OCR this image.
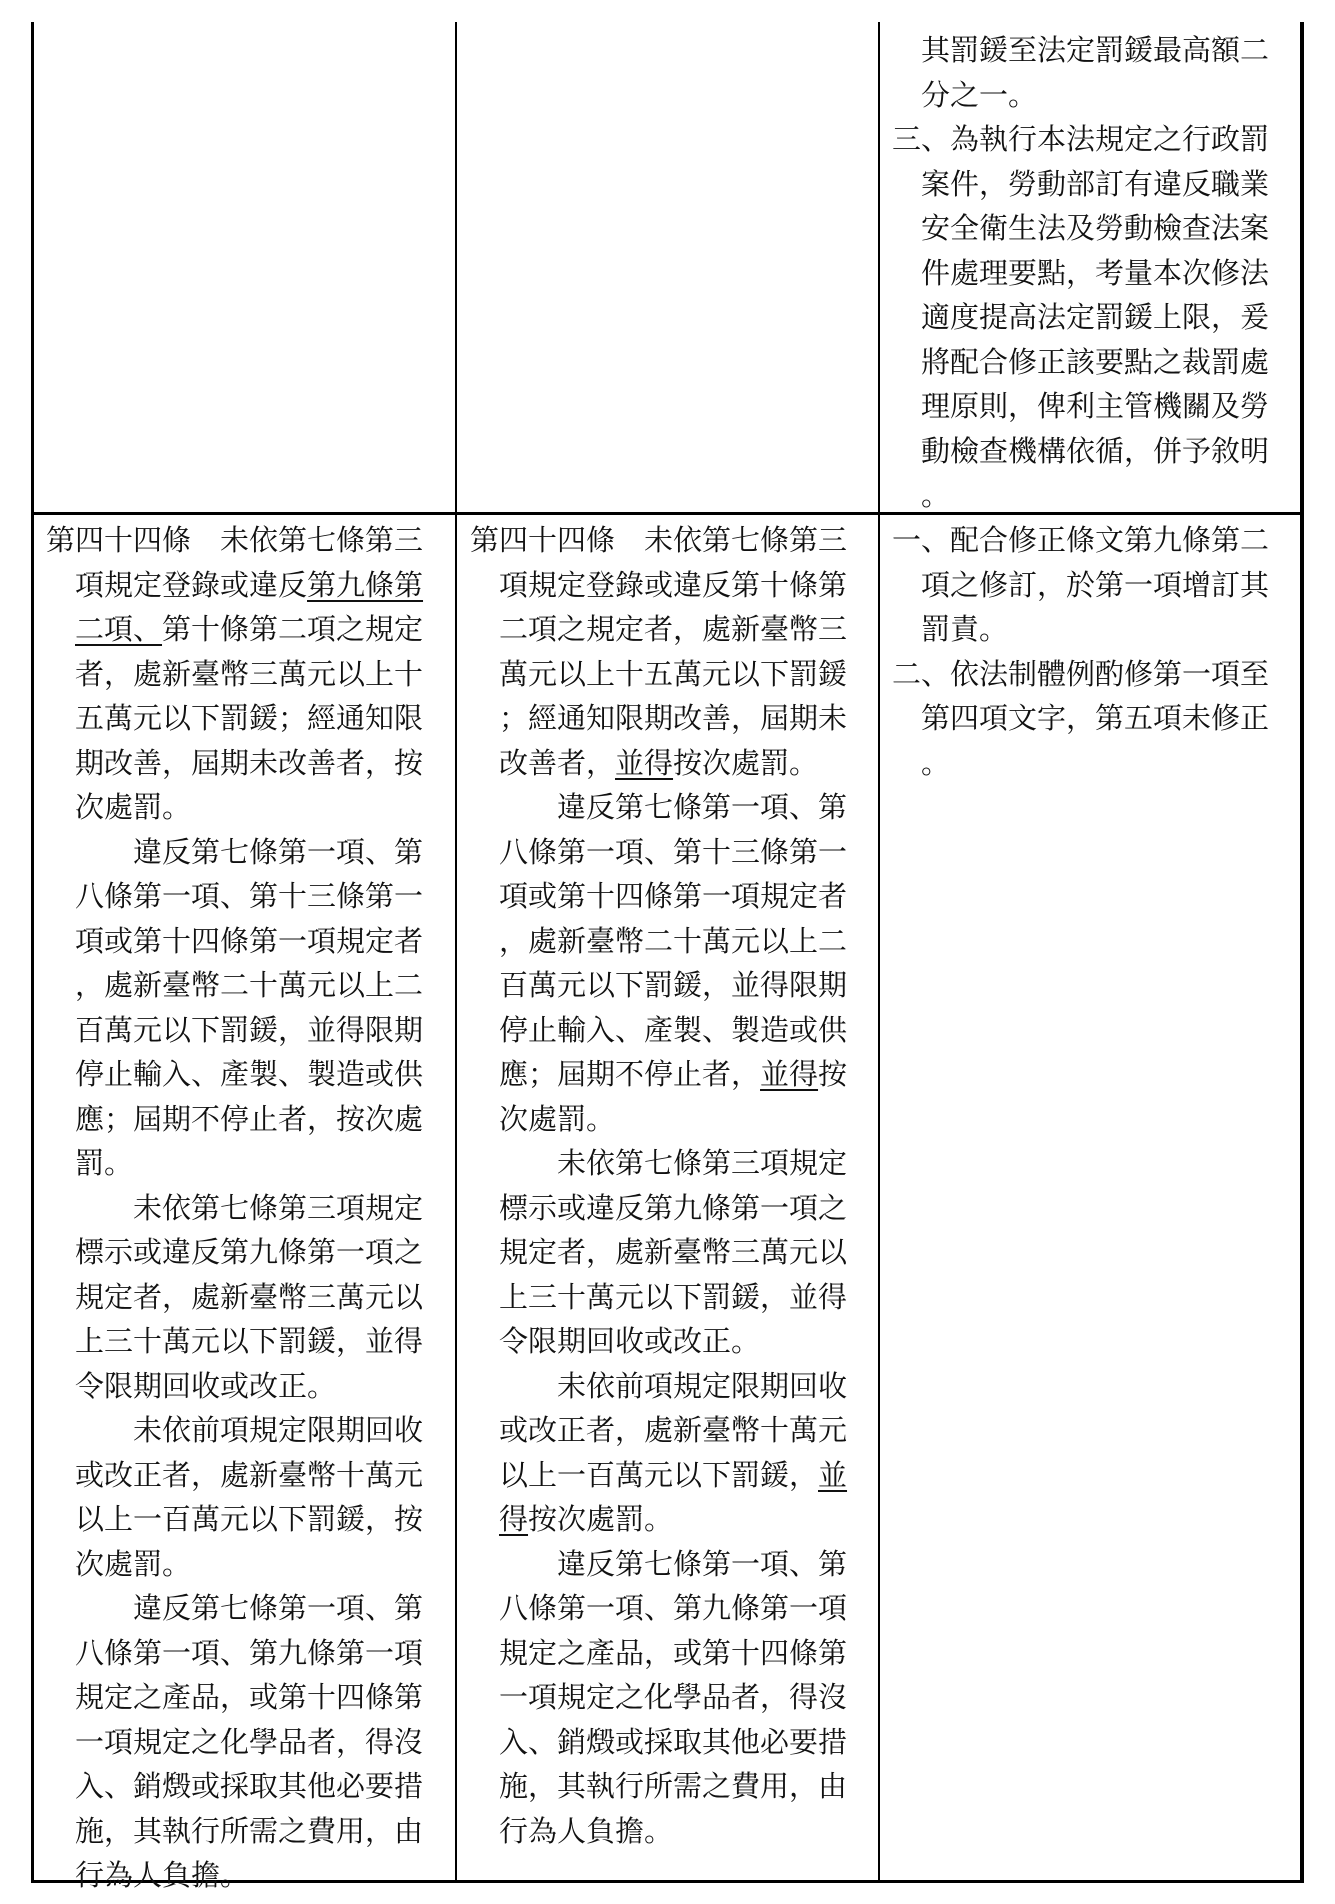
其罰鍰至法定罰鍰最高額二
分之一。
三、為執行本法規定之行政罰
案件，勞動部訂有違反職業
安全衛生法及勞動檢查法案
件處理要點，考量本次修法
適度提高法定罰鍰上限，爰
將配合修正該要點之裁罰處
理原則，俾利主管機關及勞
動檢查機構依循，併予敘明
。
第四十四條　未依第七條第三
項規定登錄或違反第九條第
二項、第十條第二項之規定
者，處新臺幣三萬元以上十
五萬元以下罰鍰；經通知限
期改善，屆期未改善者，按
次處罰。
違反第七條第一項、第
八條第一項、第十三條第一
項或第十四條第一項規定者
，處新臺幣二十萬元以上二
百萬元以下罰鍰，並得限期
停止輸入、產製、製造或供
應；屆期不停止者，按次處
罰。
未依第七條第三項規定
標示或違反第九條第一項之
規定者，處新臺幣三萬元以
上三十萬元以下罰鍰，並得
令限期回收或改正。
未依前項規定限期回收
或改正者，處新臺幣十萬元
以上一百萬元以下罰鍰，按
次處罰。
違反第七條第一項、第
八條第一項、第九條第一項
規定之產品，或第十四條第
一項規定之化學品者，得沒
入、銷燬或採取其他必要措
施，其執行所需之費用，由
行為人負擔。
第四十四條　未依第七條第三
項規定登錄或違反第十條第
二項之規定者，處新臺幣三
萬元以上十五萬元以下罰鍰
；經通知限期改善，屆期未
改善者，並得按次處罰。
違反第七條第一項、第
八條第一項、第十三條第一
項或第十四條第一項規定者
，處新臺幣二十萬元以上二
百萬元以下罰鍰，並得限期
停止輸入、產製、製造或供
應；屆期不停止者，並得按
次處罰。
未依第七條第三項規定
標示或違反第九條第一項之
規定者，處新臺幣三萬元以
上三十萬元以下罰鍰，並得
令限期回收或改正。
未依前項規定限期回收
或改正者，處新臺幣十萬元
以上一百萬元以下罰鍰，並
得按次處罰。
違反第七條第一項、第
八條第一項、第九條第一項
規定之產品，或第十四條第
一項規定之化學品者，得沒
入、銷燬或採取其他必要措
施，其執行所需之費用，由
行為人負擔。
一、配合修正條文第九條第二
項之修訂，於第一項增訂其
罰責。
二、依法制體例酌修第一項至
第四項文字，第五項未修正
。
